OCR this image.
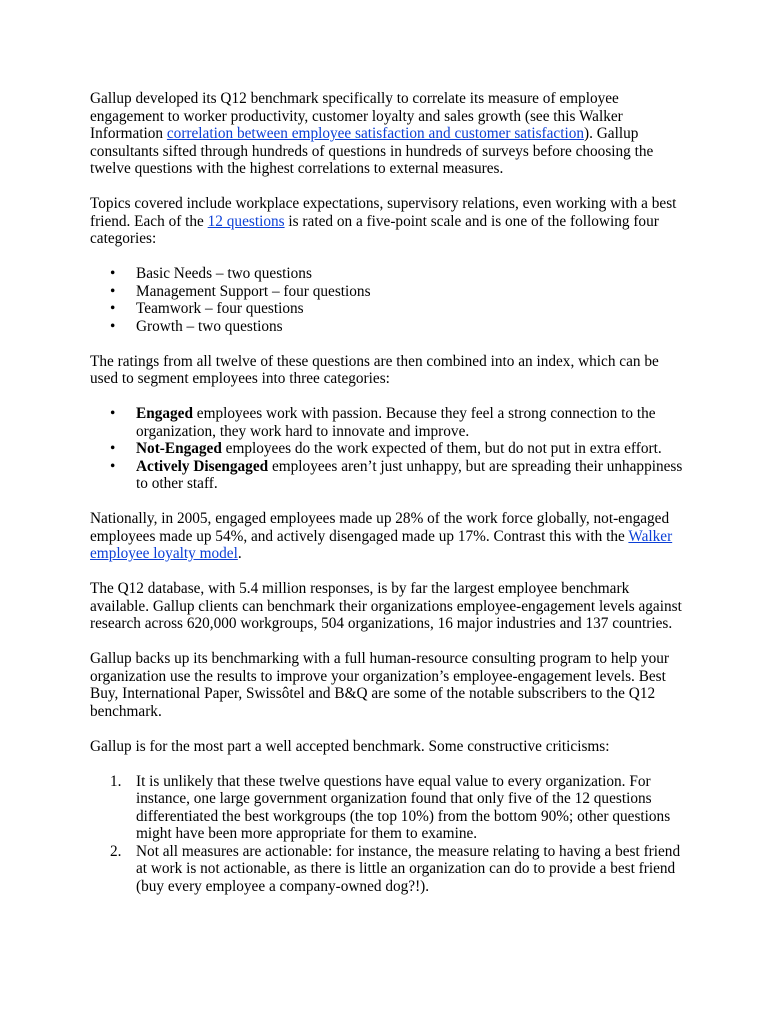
Gallup developed its Q12 benchmark specifically to correlate its measure of employee engagement to worker productivity, customer loyalty and sales growth (see this Walker Information correlation between employee satisfaction and customer satisfaction). Gallup consultants sifted through hundreds of questions in hundreds of surveys before choosing the twelve questions with the highest correlations to external measures.

Topics covered include workplace expectations, supervisory relations, even working with a best friend. Each of the 12 questions is rated on a five-point scale and is one of the following four categories:

• Basic Needs – two questions
• Management Support – four questions
• Teamwork – four questions
• Growth – two questions

The ratings from all twelve of these questions are then combined into an index, which can be used to segment employees into three categories:

• Engaged employees work with passion. Because they feel a strong connection to the organization, they work hard to innovate and improve.
• Not-Engaged employees do the work expected of them, but do not put in extra effort.
• Actively Disengaged employees aren’t just unhappy, but are spreading their unhappiness to other staff.

Nationally, in 2005, engaged employees made up 28% of the work force globally, not-engaged employees made up 54%, and actively disengaged made up 17%. Contrast this with the Walker employee loyalty model.

The Q12 database, with 5.4 million responses, is by far the largest employee benchmark available. Gallup clients can benchmark their organizations employee-engagement levels against research across 620,000 workgroups, 504 organizations, 16 major industries and 137 countries.

Gallup backs up its benchmarking with a full human-resource consulting program to help your organization use the results to improve your organization’s employee-engagement levels. Best Buy, International Paper, Swissôtel and B&Q are some of the notable subscribers to the Q12 benchmark.

Gallup is for the most part a well accepted benchmark. Some constructive criticisms:

1. It is unlikely that these twelve questions have equal value to every organization. For instance, one large government organization found that only five of the 12 questions differentiated the best workgroups (the top 10%) from the bottom 90%; other questions might have been more appropriate for them to examine.
2. Not all measures are actionable: for instance, the measure relating to having a best friend at work is not actionable, as there is little an organization can do to provide a best friend (buy every employee a company-owned dog?!).
